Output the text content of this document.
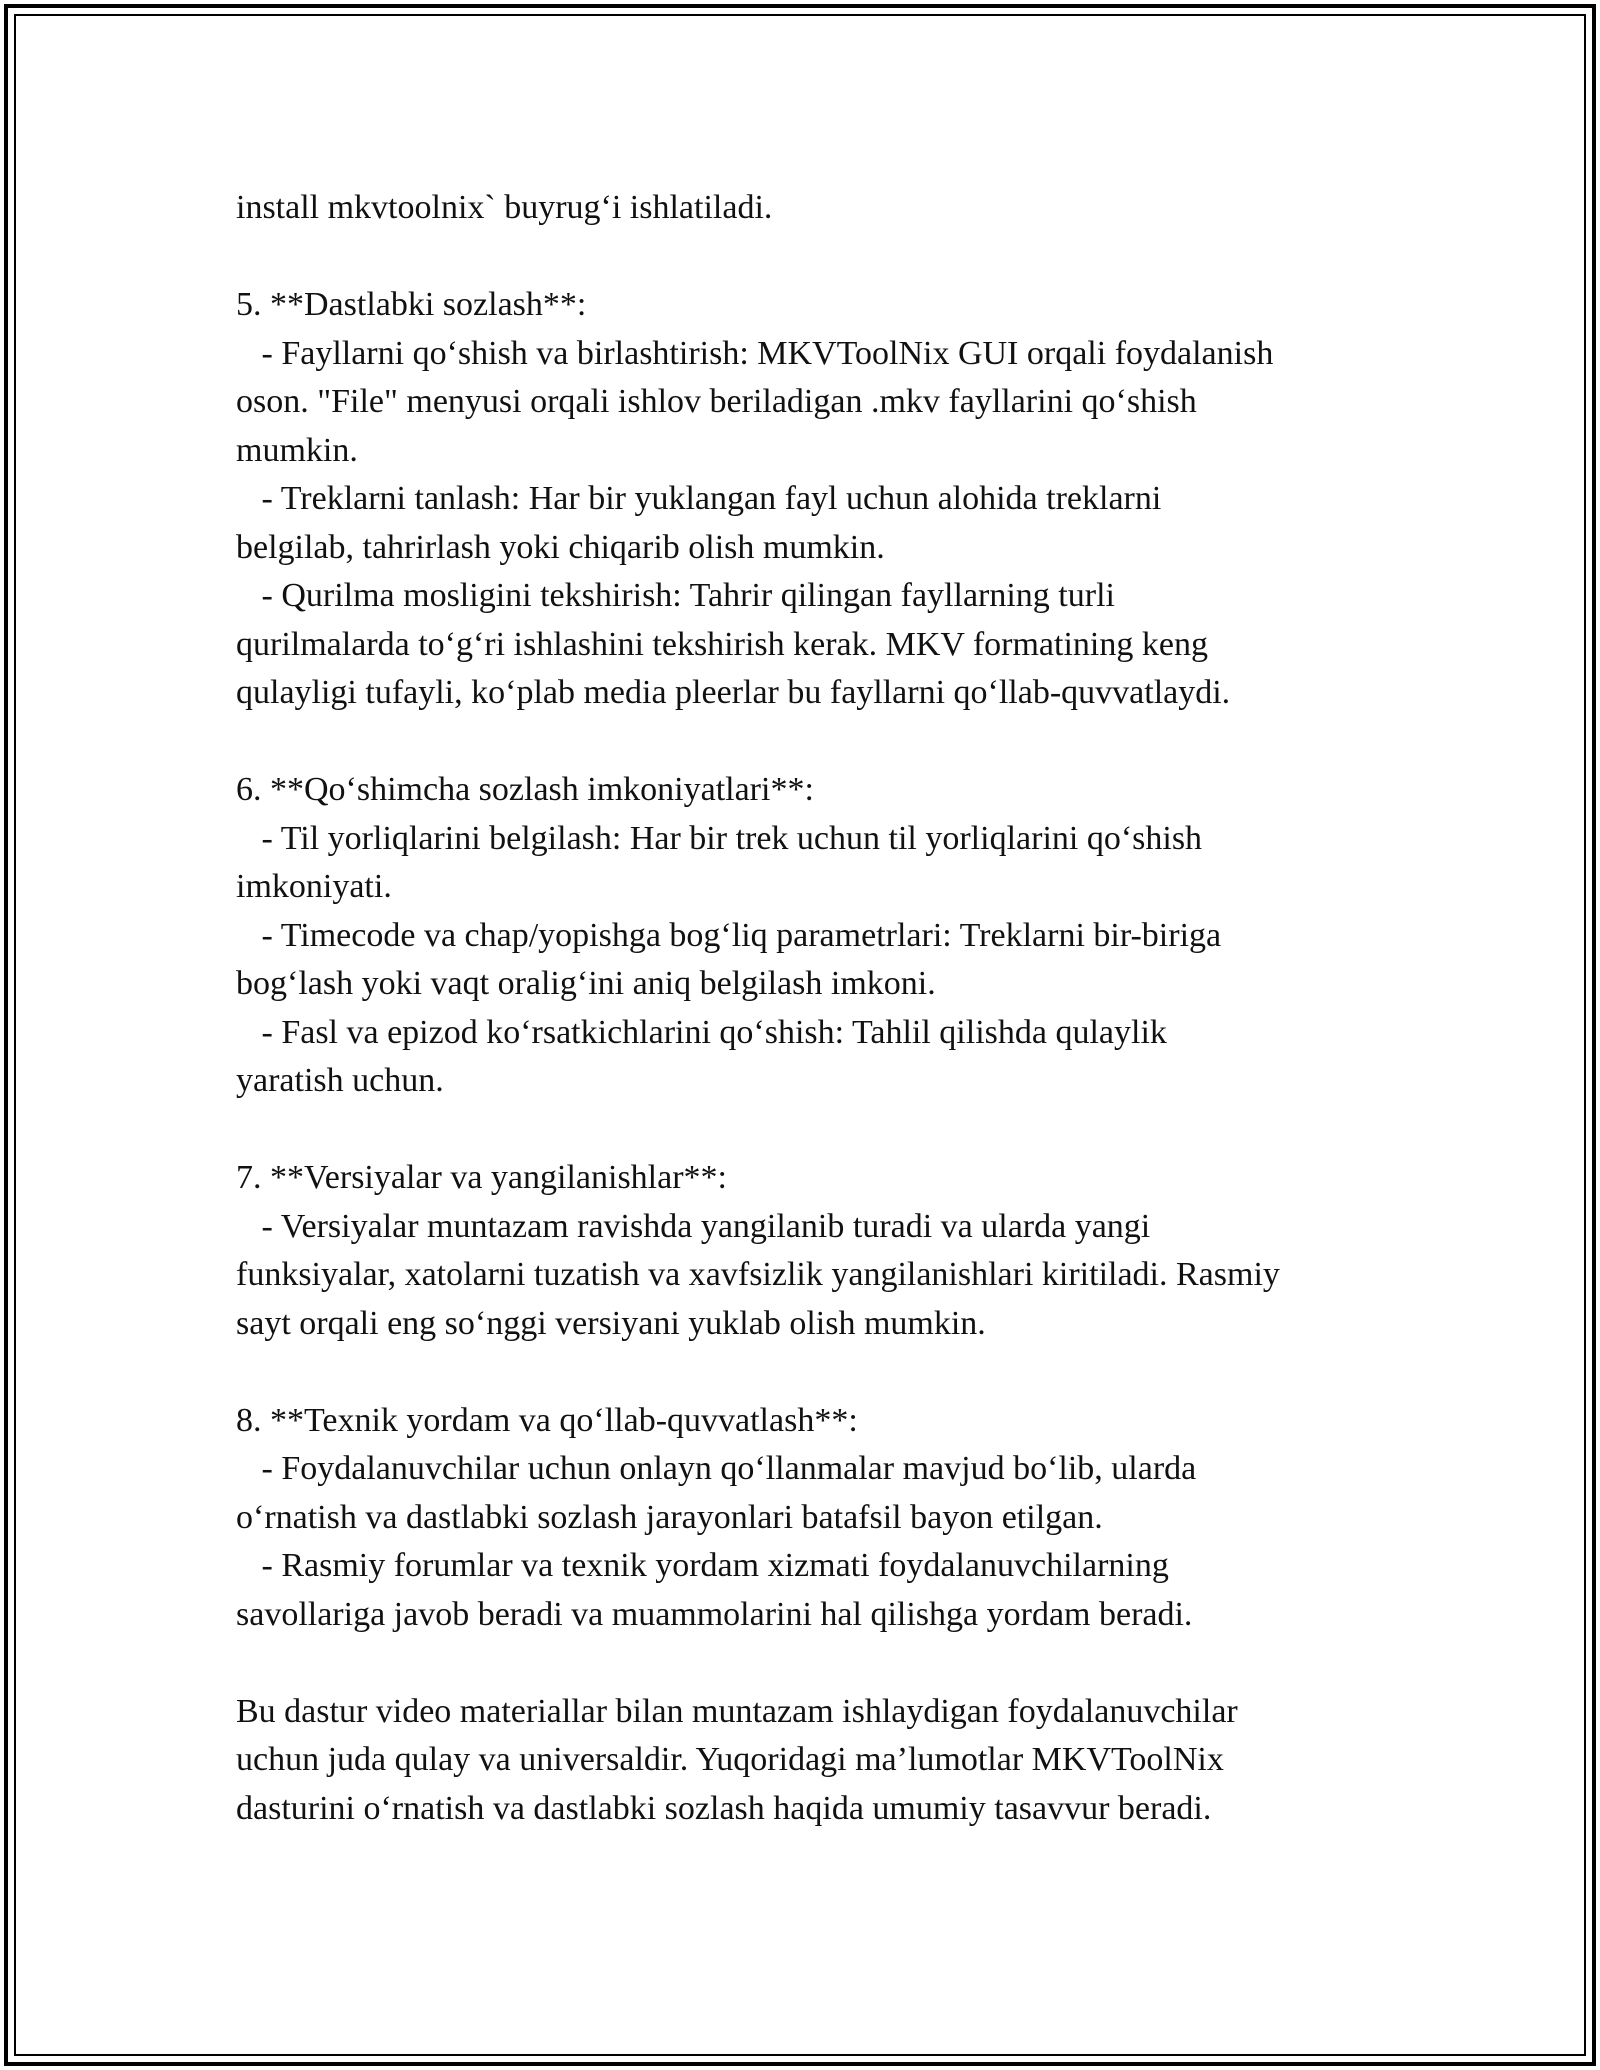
install mkvtoolnix` buyrug‘i ishlatiladi.

5. **Dastlabki sozlash**:

- Fayllarni qo‘shish va birlashtirish: MKVToolNix GUI orqali foydalanish

oson. "File" menyusi orqali ishlov beriladigan .mkv fayllarini qo‘shish

mumkin.

- Treklarni tanlash: Har bir yuklangan fayl uchun alohida treklarni

belgilab, tahrirlash yoki chiqarib olish mumkin.

- Qurilma mosligini tekshirish: Tahrir qilingan fayllarning turli

qurilmalarda to‘g‘ri ishlashini tekshirish kerak. MKV formatining keng

qulayligi tufayli, ko‘plab media pleerlar bu fayllarni qo‘llab-quvvatlaydi.

6. **Qo‘shimcha sozlash imkoniyatlari**:

- Til yorliqlarini belgilash: Har bir trek uchun til yorliqlarini qo‘shish

imkoniyati.

- Timecode va chap/yopishga bog‘liq parametrlari: Treklarni bir-biriga

bog‘lash yoki vaqt oralig‘ini aniq belgilash imkoni.

- Fasl va epizod ko‘rsatkichlarini qo‘shish: Tahlil qilishda qulaylik

yaratish uchun.

7. **Versiyalar va yangilanishlar**:

- Versiyalar muntazam ravishda yangilanib turadi va ularda yangi

funksiyalar, xatolarni tuzatish va xavfsizlik yangilanishlari kiritiladi. Rasmiy

sayt orqali eng so‘nggi versiyani yuklab olish mumkin.

8. **Texnik yordam va qo‘llab-quvvatlash**:

- Foydalanuvchilar uchun onlayn qo‘llanmalar mavjud bo‘lib, ularda

o‘rnatish va dastlabki sozlash jarayonlari batafsil bayon etilgan.

- Rasmiy forumlar va texnik yordam xizmati foydalanuvchilarning

savollariga javob beradi va muammolarini hal qilishga yordam beradi.

Bu dastur video materiallar bilan muntazam ishlaydigan foydalanuvchilar

uchun juda qulay va universaldir. Yuqoridagi ma’lumotlar MKVToolNix

dasturini o‘rnatish va dastlabki sozlash haqida umumiy tasavvur beradi.
